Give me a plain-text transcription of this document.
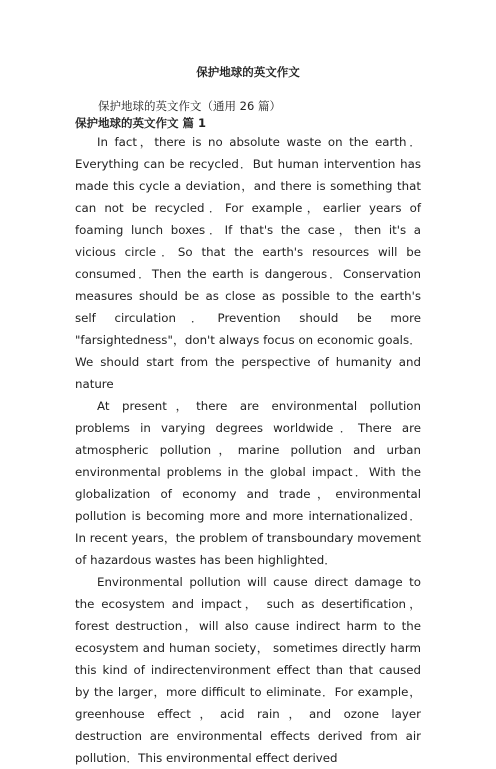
保护地球的英文作文

保护地球的英文作文（通用 26 篇）

保护地球的英文作文 篇 1

In fact，there is no absolute waste on the earth．Everything can be recycled．But human intervention has made this cycle a deviation，and there is something that can not be recycled．For example，earlier years of foaming lunch boxes．If that's the case，then it's a vicious circle．So that the earth's resources will be consumed．Then the earth is dangerous．Conservation measures should be as close as possible to the earth's self circulation．Prevention should be more "farsightedness"，don't always focus on economic goals．We should start from the perspective of humanity and nature

At present，there are environmental pollution problems in varying degrees worldwide．There are atmospheric pollution，marine pollution and urban environmental problems in the global impact．With the globalization of economy and trade，environmental pollution is becoming more and more internationalized．In recent years，the problem of transboundary movement of hazardous wastes has been highlighted．

Environmental pollution will cause direct damage to the ecosystem and impact， such as desertification， forest destruction，will also cause indirect harm to the ecosystem and human society， sometimes directly harm this kind of indirectenvironment effect than that caused by the larger，more difficult to eliminate．For example，greenhouse effect，acid rain，and ozone layer destruction are environmental effects derived from air pollution．This environmental effect derived
